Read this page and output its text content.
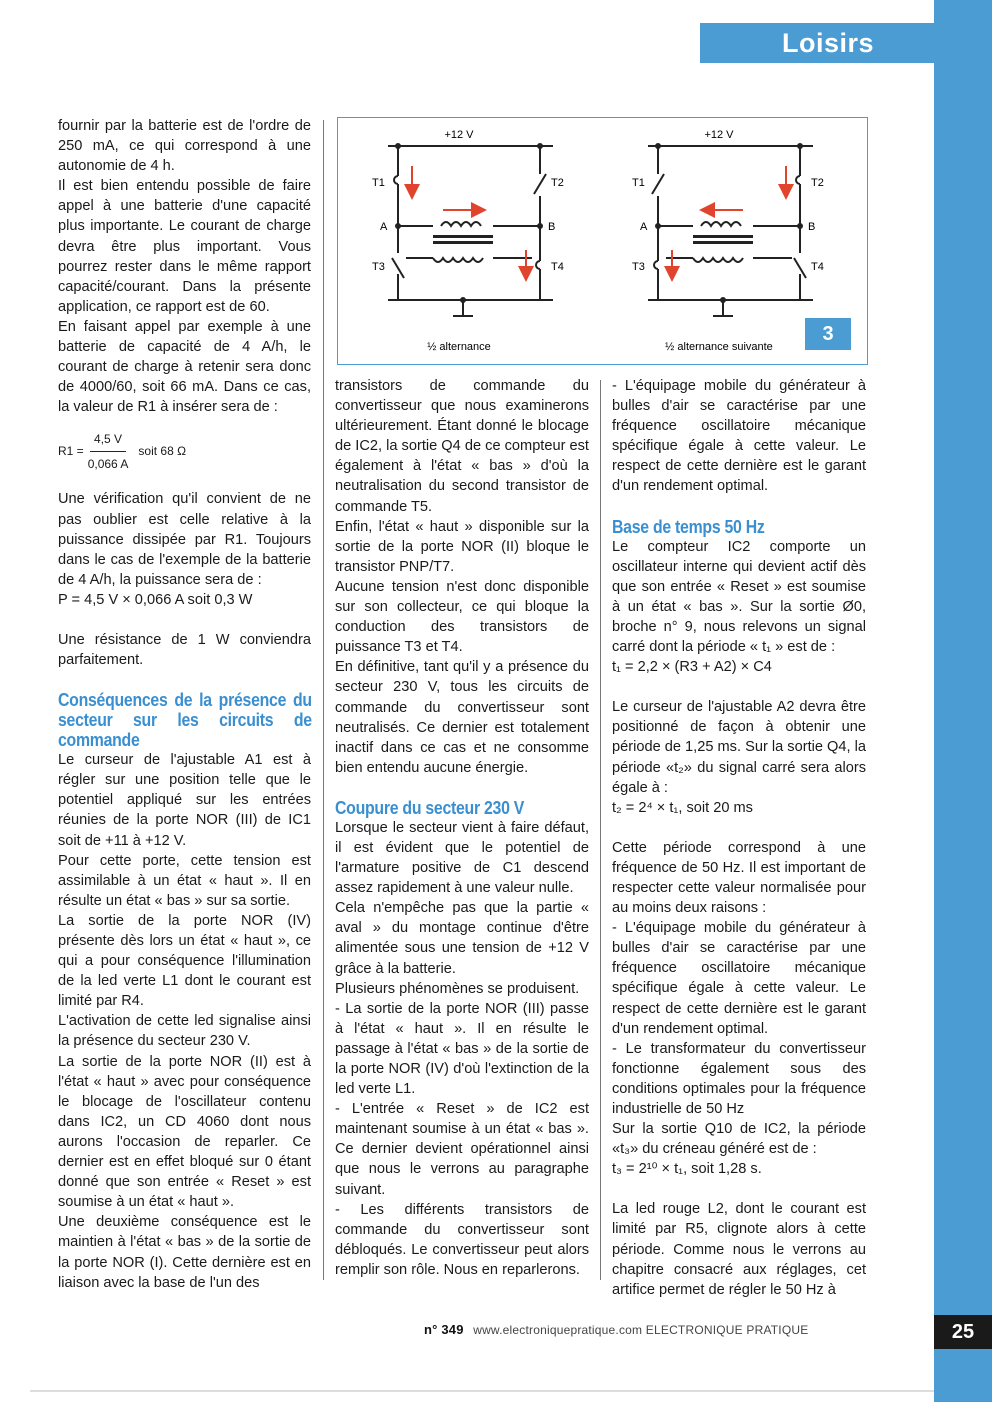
Loisirs

fournir par la batterie est de l'ordre de 250 mA, ce qui correspond à une autonomie de 4 h.

Il est bien entendu possible de faire appel à une batterie d'une capacité plus importante. Le courant de charge devra être plus important. Vous pourrez rester dans le même rapport capacité/courant. Dans la présente application, ce rapport est de 60.

En faisant appel par exemple à une batterie de capacité de 4 A/h, le courant de charge à retenir sera donc de 4000/60, soit 66 mA. Dans ce cas, la valeur de R1 à insérer sera de :

$R1 = \frac{4,5 V}{0,066 A}$ soit 68 Ω

Une vérification qu'il convient de ne pas oublier est celle relative à la puissance dissipée par R1. Toujours dans le cas de l'exemple de la batterie de 4 A/h, la puissance sera de :

P = 4,5 V × 0,066 A soit 0,3 W

Une résistance de 1 W conviendra parfaitement.

Conséquences de la présence du secteur sur les circuits de commande

Le curseur de l'ajustable A1 est à régler sur une position telle que le potentiel appliqué sur les entrées réunies de la porte NOR (III) de IC1 soit de +11 à +12 V.

Pour cette porte, cette tension est assimilable à un état « haut ». Il en résulte un état « bas » sur sa sortie.

La sortie de la porte NOR (IV) présente dès lors un état « haut », ce qui a pour conséquence l'illumination de la led verte L1 dont le courant est limité par R4.

L'activation de cette led signalise ainsi la présence du secteur 230 V.

La sortie de la porte NOR (II) est à l'état « haut » avec pour conséquence le blocage de l'oscillateur contenu dans IC2, un CD 4060 dont nous aurons l'occasion de reparler. Ce dernier est en effet bloqué sur 0 étant donné que son entrée « Reset » est soumise à un état « haut ».

Une deuxième conséquence est le maintien à l'état « bas » de la sortie de la porte NOR (I). Cette dernière est en liaison avec la base de l'un des

+12 V
T1	T2
T3	T4
A	B
½ alternance
+12 V
T1	T2
T3	T4
A	B
½ alternance suivante
3

transistors de commande du convertisseur que nous examinerons ultérieurement. Étant donné le blocage de IC2, la sortie Q4 de ce compteur est également à l'état « bas » d'où la neutralisation du second transistor de commande T5.

Enfin, l'état « haut » disponible sur la sortie de la porte NOR (II) bloque le transistor PNP/T7.

Aucune tension n'est donc disponible sur son collecteur, ce qui bloque la conduction des transistors de puissance T3 et T4.

En définitive, tant qu'il y a présence du secteur 230 V, tous les circuits de commande du convertisseur sont neutralisés. Ce dernier est totalement inactif dans ce cas et ne consomme bien entendu aucune énergie.

Coupure du secteur 230 V

Lorsque le secteur vient à faire défaut, il est évident que le potentiel de l'armature positive de C1 descend assez rapidement à une valeur nulle.

Cela n'empêche pas que la partie « aval » du montage continue d'être alimentée sous une tension de +12 V grâce à la batterie.

Plusieurs phénomènes se produisent.

- La sortie de la porte NOR (III) passe à l'état « haut ». Il en résulte le passage à l'état « bas » de la sortie de la porte NOR (IV) d'où l'extinction de la led verte L1.

- L'entrée « Reset » de IC2 est maintenant soumise à un état « bas ». Ce dernier devient opérationnel ainsi que nous le verrons au paragraphe suivant.

- Les différents transistors de commande du convertisseur sont débloqués. Le convertisseur peut alors remplir son rôle. Nous en reparlerons.

- L'équipage mobile du générateur à bulles d'air se caractérise par une fréquence oscillatoire mécanique spécifique égale à cette valeur. Le respect de cette dernière est le garant d'un rendement optimal.

Base de temps 50 Hz

Le compteur IC2 comporte un oscillateur interne qui devient actif dès que son entrée « Reset » est soumise à un état « bas ». Sur la sortie Ø0, broche n° 9, nous relevons un signal carré dont la période « t₁ » est de :

t₁ = 2,2 × (R3 + A2) × C4

Le curseur de l'ajustable A2 devra être positionné de façon à obtenir une période de 1,25 ms. Sur la sortie Q4, la période «t₂» du signal carré sera alors égale à :

t₂ = 2⁴ × t₁, soit 20 ms

Cette période correspond à une fréquence de 50 Hz. Il est important de respecter cette valeur normalisée pour au moins deux raisons :

- L'équipage mobile du générateur à bulles d'air se caractérise par une fréquence oscillatoire mécanique spécifique égale à cette valeur. Le respect de cette dernière est le garant d'un rendement optimal.

- Le transformateur du convertisseur fonctionne également sous des conditions optimales pour la fréquence industrielle de 50 Hz

Sur la sortie Q10 de IC2, la période «t₃» du créneau généré est de :

t₃ = 2¹⁰ × t₁, soit 1,28 s.

La led rouge L2, dont le courant est limité par R5, clignote alors à cette période. Comme nous le verrons au chapitre consacré aux réglages, cet artifice permet de régler le 50 Hz à

n° 349 www.electroniquepratique.com ELECTRONIQUE PRATIQUE	25
